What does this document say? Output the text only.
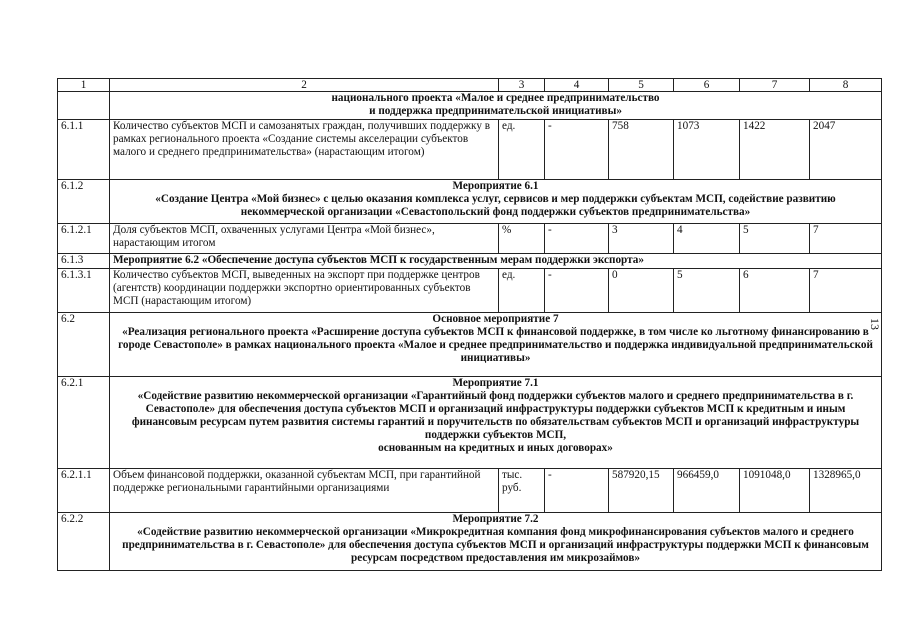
13
1	2	3	4	5	6	7	8
	национального проекта «Малое и среднее предпринимательство
и поддержка предпринимательской инициативы»						
6.1.1	Количество субъектов МСП и самозанятых граждан, получивших поддержку в рамках регионального проекта «Создание системы акселерации субъектов малого и среднего предпринимательства» (нарастающим итогом)	ед.	-	758	1073	1422	2047
6.1.2	Мероприятие 6.1
«Создание Центра «Мой бизнес» с целью оказания комплекса услуг, сервисов и мер поддержки субъектам МСП, содействие развитию некоммерческой организации «Севастопольский фонд поддержки субъектов предпринимательства»						
6.1.2.1	Доля субъектов МСП, охваченных услугами Центра «Мой бизнес», нарастающим итогом	%	-	3	4	5	7
6.1.3	Мероприятие 6.2 «Обеспечение доступа субъектов МСП к государственным мерам поддержки экспорта»						
6.1.3.1	Количество субъектов МСП, выведенных на экспорт при поддержке центров (агентств) координации поддержки экспортно ориентированных субъектов МСП (нарастающим итогом)	ед.	-	0	5	6	7
6.2	Основное мероприятие 7
«Реализация регионального проекта «Расширение доступа субъектов МСП к финансовой поддержке, в том числе ко льготному финансированию в городе Севастополе» в рамках национального проекта «Малое и среднее предпринимательство и поддержка индивидуальной предпринимательской инициативы»						
6.2.1	Мероприятие 7.1
«Содействие развитию некоммерческой организации «Гарантийный фонд поддержки субъектов малого и среднего предпринимательства в г. Севастополе» для обеспечения доступа субъектов МСП и организаций инфраструктуры поддержки субъектов МСП к кредитным и иным финансовым ресурсам путем развития системы гарантий и поручительств по обязательствам субъектов МСП и организаций инфраструктуры поддержки субъектов МСП,
основанным на кредитных и иных договорах»						
6.2.1.1	Объем финансовой поддержки, оказанной субъектам МСП, при гарантийной поддержке региональными гарантийными организациями	тыс. руб.	-	587920,15	966459,0	1091048,0	1328965,0
6.2.2	Мероприятие 7.2
«Содействие развитию некоммерческой организации «Микрокредитная компания фонд микрофинансирования субъектов малого и среднего предпринимательства в г. Севастополе» для обеспечения доступа субъектов МСП и организаций инфраструктуры поддержки МСП к финансовым ресурсам посредством предоставления им микрозаймов»						
